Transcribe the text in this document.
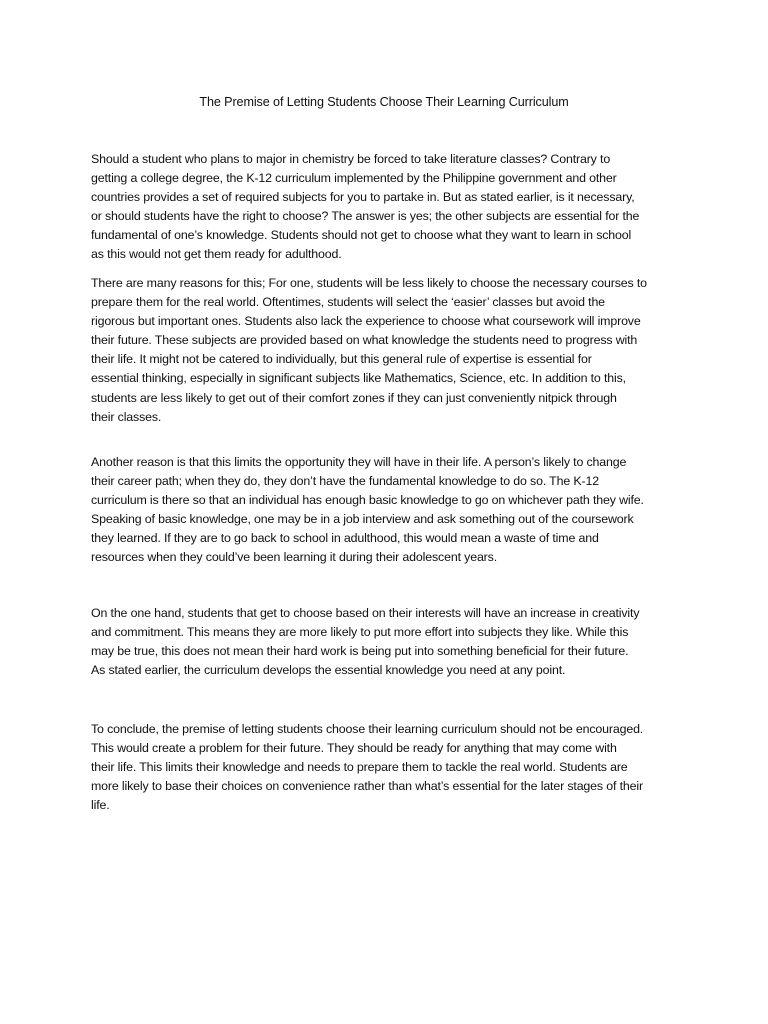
The Premise of Letting Students Choose Their Learning Curriculum

Should a student who plans to major in chemistry be forced to take literature classes? Contrary to
getting a college degree, the K-12 curriculum implemented by the Philippine government and other
countries provides a set of required subjects for you to partake in. But as stated earlier, is it necessary,
or should students have the right to choose? The answer is yes; the other subjects are essential for the
fundamental of one’s knowledge. Students should not get to choose what they want to learn in school
as this would not get them ready for adulthood.

There are many reasons for this; For one, students will be less likely to choose the necessary courses to
prepare them for the real world. Oftentimes, students will select the ‘easier’ classes but avoid the
rigorous but important ones. Students also lack the experience to choose what coursework will improve
their future. These subjects are provided based on what knowledge the students need to progress with
their life. It might not be catered to individually, but this general rule of expertise is essential for
essential thinking, especially in significant subjects like Mathematics, Science, etc. In addition to this,
students are less likely to get out of their comfort zones if they can just conveniently nitpick through
their classes.

Another reason is that this limits the opportunity they will have in their life. A person’s likely to change
their career path; when they do, they don’t have the fundamental knowledge to do so. The K-12
curriculum is there so that an individual has enough basic knowledge to go on whichever path they wife.
Speaking of basic knowledge, one may be in a job interview and ask something out of the coursework
they learned. If they are to go back to school in adulthood, this would mean a waste of time and
resources when they could’ve been learning it during their adolescent years.

On the one hand, students that get to choose based on their interests will have an increase in creativity
and commitment. This means they are more likely to put more effort into subjects they like. While this
may be true, this does not mean their hard work is being put into something beneficial for their future.
As stated earlier, the curriculum develops the essential knowledge you need at any point.

To conclude, the premise of letting students choose their learning curriculum should not be encouraged.
This would create a problem for their future. They should be ready for anything that may come with
their life. This limits their knowledge and needs to prepare them to tackle the real world. Students are
more likely to base their choices on convenience rather than what’s essential for the later stages of their
life.
